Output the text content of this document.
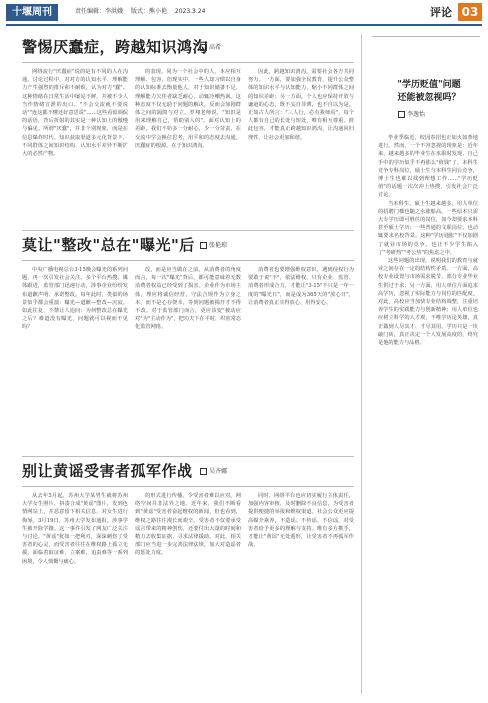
十堰周刊	责任编辑：李洪娥 版式：熊小艳 2023.3.24	评论 03
警惕厌蠢症，跨越知识鸿沟 高希

网络流行"厌蠢症"说的是有不同的人在沟通、讨论过程中，对对方的认知水平、理解能力产生强烈的排斥和不耐烦，认为对方"蠢"。这种情绪在日常生活中屡见不鲜，并被不少人当作情绪宣泄的出口。"不会交流就不要说话""连这都不懂还好意思说"……这些看似调侃的话语，背后折射的其实是一种认知上的傲慢与偏见。所谓"厌蠢"，并非个别现象，而是在信息爆炸时代、知识获取渠道多元化背景下，不同群体之间知识结构、认知水平差异不断扩大的必然产物。

的表现。同为一个社会中的人，本应相互理解、包容，但现实中，一些人却习惯以自身的认知标准去衡量他人，对于知识储备不足、理解能力欠佳者缺乏耐心，动辄冷嘲热讽。这种态度不仅无助于问题的解决，反而会加剧群体之间的隔阂与对立。罗翔老师说，"知识是用来理解自己，帮助别人的"。面对认知上的差距，我们不妨多一分耐心，少一分苛责，在交流中学会换位思考，用平和的态度去沟通。厌蠢症的根源，在于知识鸿沟。

因此，跨越知识鸿沟，需要社会各方共同努力。一方面，要加强全民教育，提升公众整体的知识水平与认知能力，缩小不同群体之间的知识差距；另一方面，个人也应保持开放与谦逊的心态，既不妄自菲薄，也不自以为是。正如古人所言："三人行，必有我师焉"。每个人都有自己的长处与短处，唯有相互尊重、彼此包容，才能真正跨越知识鸿沟，让沟通回归理性，让社会更加和谐。

莫让"整改"总在"曝光"后	张艳琼

中央广播电视总台3·15晚会曝光的系列问题，再一次引发社会关注。多个平台热搜、媒体跟进，监管部门迅速行动，涉事企业纷纷发布道歉声明、承诺整改。每年此时，类似的场景似乎都会重演：曝光—道歉—整改—沉寂。如此往复，不禁让人追问：为何整改总在曝光之后？难道没有曝光，问题就可以视而不见吗？

改，而是应当做在之前。从消费者的角度而言，每一次"曝光"背后，都可能意味着无数消费者权益已经受到了损害。企业作为市场主体，理应将诚信经营、守法合规作为立身之本，而不是心存侥幸，等到问题被揭开才不得不改。对于监管部门而言，更应该变"被动应对"为"主动作为"，把功夫下在平时，织密常态化监管网络。

消费者也要增强维权意识，遇到侵权行为要敢于说"不"，依法维权。只有企业、监管、消费者形成合力，才能让"3·15"不只是一年一度的"曝光日"，而是成为365天的"放心日"，让消费者真正买得放心、用得安心。

别让黄谣受害者孤军作战	吴齐娜

从去年3月起，苏州大学某男生就将苏州大学女生照片，拼凑合成"黄谣"图片，发到色情网站上，并恶意留下相关信息，对女生进行侮辱。3月19日，苏州大学发布通报，涉事学生被开除学籍。这一事件引发了网友广泛关注与讨论。"黄谣"犹如一把利刃，深深刺伤了受害者的心灵，而受害者往往在维权路上孤立无援，面临着取证难、立案难、追责难等一系列困境，令人愤慨与痛心。

的形式进行传播，令受害者难以应对。网络空间并非法外之地。近年来，我们不断看到"黄谣"受害者奋起维权的新闻，但也看到，维权之路往往漫长而艰辛。受害者不仅要承受谣言带来的精神创伤，还要付出大量的时间和精力去收集证据、寻求法律援助。对此，相关部门应当进一步完善法律法规，加大对造谣者的惩处力度。

同时，网络平台也应切实履行主体责任，加强内容审核，及时删除不良信息，为受害者提供便捷的举报和维权渠道。社会公众更应提高媒介素养，不造谣、不传谣、不信谣，对受害者给予更多的理解与支持。唯有多方携手，才能让"黄谣"无处遁形，让受害者不再孤军作战。

"学历贬值"问题
还能被忽视吗？
李逸怡

毕业季临近，校园春招也正如火如荼地进行。然而，一个不容忽视的现象是：近年来，越来越多的毕业生在求职时发现，自己手中的学历似乎不再那么"值钱"了。本科生竞争专科岗位，硕士生与本科生同台竞争，博士生也难以找到理想工作……"学历贬值"的话题一次次冲上热搜，引发社会广泛讨论。

当本科生、硕士生越来越多，用人单位的招聘门槛也随之水涨船高。一些原本只需大专学历即可胜任的岗位，如今却要求本科甚至硕士学历；一些普通的文职岗位，也动辄要求名校背景。这种"学历通胀"不仅加剧了就业市场的竞争，也让不少学生陷入了"考研热""考公热"的焦虑之中。

这些问题的出现，说明我们的教育与就业之间存在一定的结构性矛盾。一方面，高校专业设置与市场需求脱节，部分专业毕业生供过于求；另一方面，用人单位片面追求高学历，忽视了实际能力与岗位的匹配度。对此，高校应当加快专业结构调整，注重培养学生的实践能力与创新精神；用人单位也应树立科学的人才观，不唯学历论英雄，真正做到人尽其才、才尽其用。学历只是一块敲门砖，真正决定一个人发展高度的，终究是他的能力与品格。
